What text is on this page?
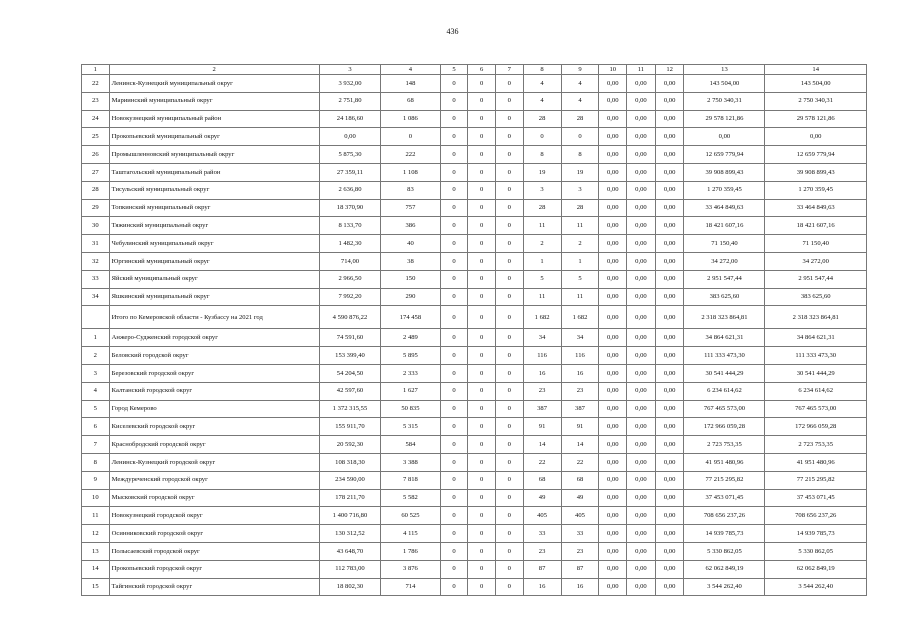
436
1	2	3	4	5	6	7	8	9	10	11	12	13	14
22	Ленинск-Кузнецкий муниципальный округ	3 932,00	148	0	0	0	4	4	0,00	0,00	0,00	143 504,00	143 504,00
23	Мариинский муниципальный округ	2 751,80	68	0	0	0	4	4	0,00	0,00	0,00	2 750 340,31	2 750 340,31
24	Новокузнецкий муниципальный район	24 186,60	1 086	0	0	0	28	28	0,00	0,00	0,00	29 578 121,86	29 578 121,86
25	Прокопьевский муниципальный округ	0,00	0	0	0	0	0	0	0,00	0,00	0,00	0,00	0,00
26	Промышленновский муниципальный округ	5 875,30	222	0	0	0	8	8	0,00	0,00	0,00	12 659 779,94	12 659 779,94
27	Таштагольский муниципальный район	27 359,11	1 108	0	0	0	19	19	0,00	0,00	0,00	39 908 899,43	39 908 899,43
28	Тисульский муниципальный округ	2 636,80	83	0	0	0	3	3	0,00	0,00	0,00	1 270 359,45	1 270 359,45
29	Топкинский муниципальный округ	18 370,90	757	0	0	0	28	28	0,00	0,00	0,00	33 464 849,63	33 464 849,63
30	Тяжинский муниципальный округ	8 133,70	386	0	0	0	11	11	0,00	0,00	0,00	18 421 607,16	18 421 607,16
31	Чебулинский муниципальный округ	1 482,30	40	0	0	0	2	2	0,00	0,00	0,00	71 150,40	71 150,40
32	Юргинский муниципальный округ	714,00	38	0	0	0	1	1	0,00	0,00	0,00	34 272,00	34 272,00
33	Яйский муниципальный округ	2 966,50	150	0	0	0	5	5	0,00	0,00	0,00	2 951 547,44	2 951 547,44
34	Яшкинский муниципальный округ	7 992,20	290	0	0	0	11	11	0,00	0,00	0,00	383 625,60	383 625,60
	Итого по Кемеровской области - Кузбассу на 2021 год	4 590 876,22	174 458	0	0	0	1 682	1 682	0,00	0,00	0,00	2 318 323 864,81	2 318 323 864,81
1	Анжеро-Судженский городской округ	74 591,60	2 489	0	0	0	34	34	0,00	0,00	0,00	34 864 621,31	34 864 621,31
2	Беловский городской округ	153 399,40	5 895	0	0	0	116	116	0,00	0,00	0,00	111 333 473,30	111 333 473,30
3	Березовский городской округ	54 204,50	2 333	0	0	0	16	16	0,00	0,00	0,00	30 541 444,29	30 541 444,29
4	Калтанский городской округ	42 597,60	1 627	0	0	0	23	23	0,00	0,00	0,00	6 234 614,62	6 234 614,62
5	Город Кемерово	1 372 315,55	50 835	0	0	0	387	387	0,00	0,00	0,00	767 465 573,00	767 465 573,00
6	Киселевский городской округ	155 911,70	5 315	0	0	0	91	91	0,00	0,00	0,00	172 966 059,28	172 966 059,28
7	Краснобродский городской округ	20 592,30	584	0	0	0	14	14	0,00	0,00	0,00	2 723 753,35	2 723 753,35
8	Ленинск-Кузнецкий городской округ	108 318,30	3 388	0	0	0	22	22	0,00	0,00	0,00	41 951 480,96	41 951 480,96
9	Междуреченский городской округ	234 590,00	7 818	0	0	0	68	68	0,00	0,00	0,00	77 215 295,82	77 215 295,82
10	Мысковский городской округ	178 211,70	5 582	0	0	0	49	49	0,00	0,00	0,00	37 453 071,45	37 453 071,45
11	Новокузнецкий городской округ	1 400 716,80	60 525	0	0	0	405	405	0,00	0,00	0,00	708 656 237,26	708 656 237,26
12	Осинниковский городской округ	130 312,52	4 115	0	0	0	33	33	0,00	0,00	0,00	14 939 785,73	14 939 785,73
13	Полысаевский городской округ	43 648,70	1 786	0	0	0	23	23	0,00	0,00	0,00	5 330 862,05	5 330 862,05
14	Прокопьевский городской округ	112 783,00	3 876	0	0	0	87	87	0,00	0,00	0,00	62 062 849,19	62 062 849,19
15	Тайгинский городской округ	18 802,30	714	0	0	0	16	16	0,00	0,00	0,00	3 544 262,40	3 544 262,40
